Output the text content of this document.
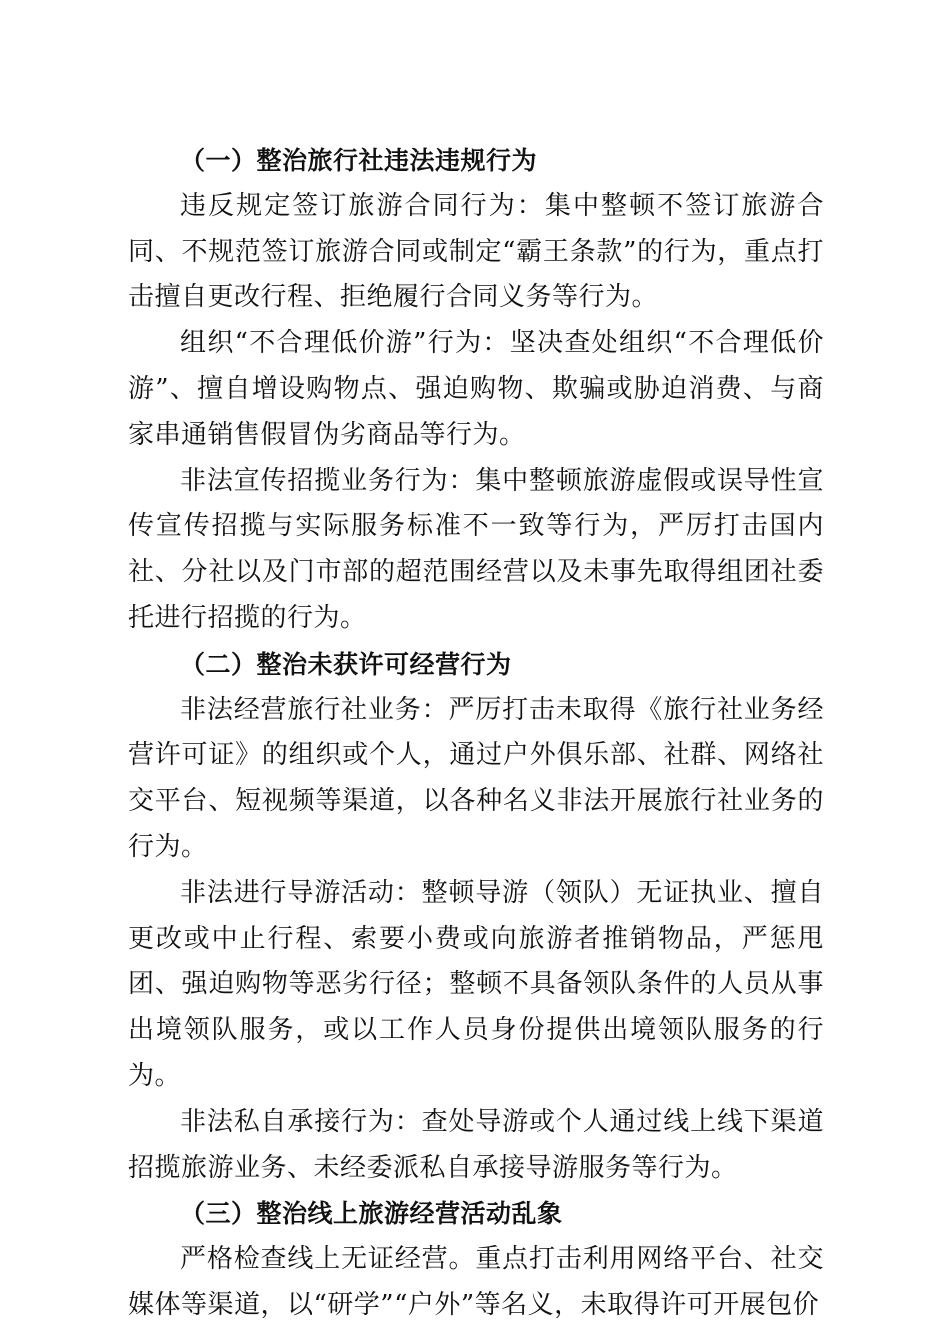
（一）整治旅行社违法违规行为

违反规定签订旅游合同行为：集中整顿不签订旅游合同、不规范签订旅游合同或制定“霸王条款”的行为，重点打击擅自更改行程、拒绝履行合同义务等行为。

组织“不合理低价游”行为：坚决查处组织“不合理低价游”、擅自增设购物点、强迫购物、欺骗或胁迫消费、与商家串通销售假冒伪劣商品等行为。

非法宣传招揽业务行为：集中整顿旅游虚假或误导性宣传宣传招揽与实际服务标准不一致等行为，严厉打击国内社、分社以及门市部的超范围经营以及未事先取得组团社委托进行招揽的行为。

（二）整治未获许可经营行为

非法经营旅行社业务：严厉打击未取得《旅行社业务经营许可证》的组织或个人，通过户外俱乐部、社群、网络社交平台、短视频等渠道，以各种名义非法开展旅行社业务的行为。

非法进行导游活动：整顿导游（领队）无证执业、擅自更改或中止行程、索要小费或向旅游者推销物品，严惩甩团、强迫购物等恶劣行径；整顿不具备领队条件的人员从事出境领队服务，或以工作人员身份提供出境领队服务的行为。

非法私自承接行为：查处导游或个人通过线上线下渠道招揽旅游业务、未经委派私自承接导游服务等行为。

（三）整治线上旅游经营活动乱象

严格检查线上无证经营。重点打击利用网络平台、社交媒体等渠道，以“研学”“户外”等名义，未取得许可开展包价
